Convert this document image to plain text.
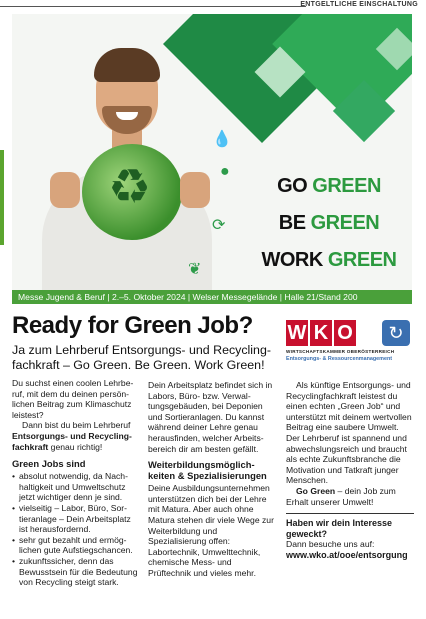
ENTGELTLICHE EINSCHALTUNG
♻
💧
●
⟳
❦
GO GREEN
BE GREEN
WORK GREEN
Messe Jugend & Beruf | 2.–5. Oktober 2024 | Welser Messegelände | Halle 21/Stand 200
Ready for Green Job?
Ja zum Lehrberuf Entsorgungs- und Recyclingfachkraft – Go Green. Be Green. Work Green!
W K O	↻
WIRTSCHAFTSKAMMER OBERÖSTERREICH
Entsorgungs- & Ressourcenmanagement

Du suchst einen coolen Lehrberuf, mit dem du deinen persönlichen Beitrag zum Klimaschutz leistest?

Dann bist du beim Lehrberuf Entsorgungs- und Recyclingfachkraft genau richtig!

Green Jobs sind

• absolut notwendig, da Nachhaltigkeit und Umweltschutz jetzt wichtiger denn je sind.
• vielseitig – Labor, Büro, Sortieranlage – Dein Arbeitsplatz ist herausfordernd.
• sehr gut bezahlt und ermöglichen gute Aufstiegschancen.
• zukunftssicher, denn das Bewusstsein für die Bedeutung von Recycling steigt stark.

Dein Arbeitsplatz befindet sich in Labors, Büro- bzw. Verwaltungsgebäuden, bei Deponien und Sortieranlagen. Du kannst während deiner Lehre genau herausfinden, welcher Arbeitsbereich dir am besten gefällt.

Weiterbildungsmöglichkeiten & Spezialisierungen

Deine Ausbildungsunternehmen unterstützen dich bei der Lehre mit Matura. Aber auch ohne Matura stehen dir viele Wege zur Weiterbildung und Spezialisierung offen: Labortechnik, Umwelttechnik, chemische Mess- und Prüftechnik und vieles mehr.

Als künftige Entsorgungs- und Recyclingfachkraft leistest du einen echten „Green Job“ und unterstützt mit deinem wertvollen Beitrag eine saubere Umwelt. Der Lehrberuf ist spannend und abwechslungsreich und braucht als echte Zukunftsbranche die Motivation und Tatkraft junger Menschen.

Go Green – dein Job zum Erhalt unserer Umwelt!

Haben wir dein Interesse geweckt?

Dann besuche uns auf:

www.wko.at/ooe/entsorgung
